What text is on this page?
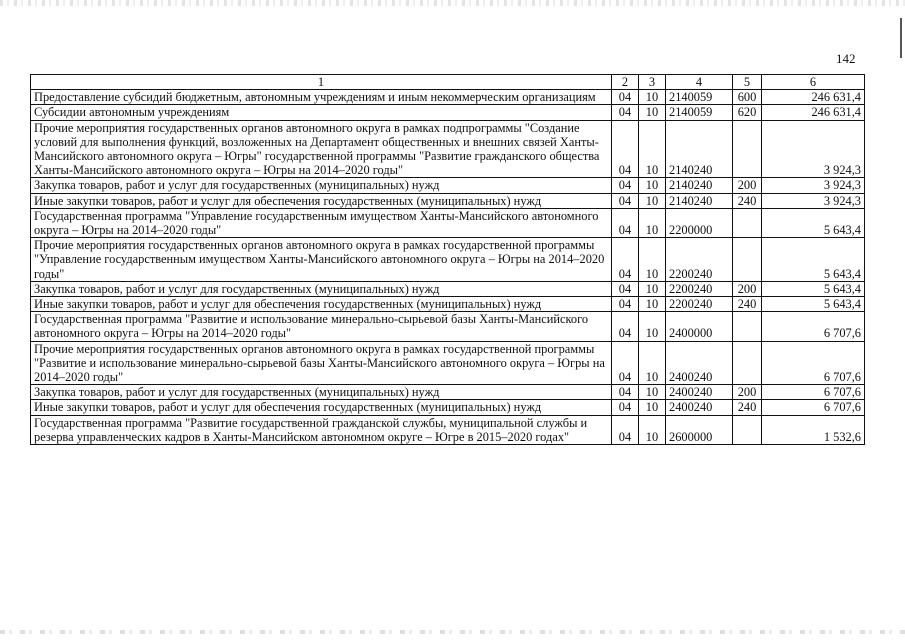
142
1	2	3	4	5	6
Предоставление субсидий бюджетным, автономным учреждениям и иным некоммерческим организациям	04	10	2140059	600	246 631,4
Субсидии автономным учреждениям	04	10	2140059	620	246 631,4
Прочие мероприятия государственных органов автономного округа в рамках подпрограммы "Создание условий для выполнения функций, возложенных на Департамент общественных и внешних связей Ханты-Мансийского автономного округа – Югры" государственной программы "Развитие гражданского общества Ханты-Мансийского автономного округа – Югры на 2014–2020 годы"	04	10	2140240		3 924,3
Закупка товаров, работ и услуг для государственных (муниципальных) нужд	04	10	2140240	200	3 924,3
Иные закупки товаров, работ и услуг для обеспечения государственных (муниципальных) нужд	04	10	2140240	240	3 924,3
Государственная программа "Управление государственным имуществом Ханты-Мансийского автономного округа – Югры на 2014–2020 годы"	04	10	2200000		5 643,4
Прочие мероприятия государственных органов автономного округа в рамках государственной программы "Управление государственным имуществом Ханты-Мансийского автономного округа – Югры на 2014–2020 годы"	04	10	2200240		5 643,4
Закупка товаров, работ и услуг для государственных (муниципальных) нужд	04	10	2200240	200	5 643,4
Иные закупки товаров, работ и услуг для обеспечения государственных (муниципальных) нужд	04	10	2200240	240	5 643,4
Государственная программа "Развитие и использование минерально-сырьевой базы Ханты-Мансийского автономного округа – Югры на 2014–2020 годы"	04	10	2400000		6 707,6
Прочие мероприятия государственных органов автономного округа в рамках государственной программы "Развитие и использование минерально-сырьевой базы Ханты-Мансийского автономного округа – Югры на 2014–2020 годы"	04	10	2400240		6 707,6
Закупка товаров, работ и услуг для государственных (муниципальных) нужд	04	10	2400240	200	6 707,6
Иные закупки товаров, работ и услуг для обеспечения государственных (муниципальных) нужд	04	10	2400240	240	6 707,6
Государственная программа "Развитие государственной гражданской службы, муниципальной службы и резерва управленческих кадров в Ханты-Мансийском автономном округе – Югре в 2015–2020 годах"	04	10	2600000		1 532,6
